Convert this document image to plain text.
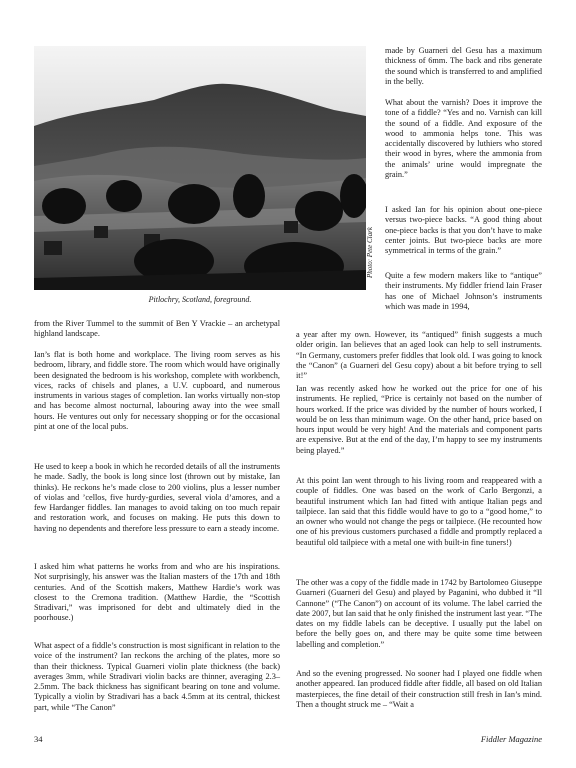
Photo: Pete Clark
Pitlochry, Scotland, foreground.

made by Guarneri del Gesu has a maximum thickness of 6mm. The back and ribs generate the sound which is transferred to and amplified in the belly.

What about the varnish? Does it improve the tone of a fiddle? “Yes and no. Varnish can kill the sound of a fiddle. And exposure of the wood to ammonia helps tone. This was accidentally discovered by luthiers who stored their wood in byres, where the ammonia from the animals’ urine would impregnate the grain.”

I asked Ian for his opinion about one-piece versus two-piece backs. “A good thing about one-piece backs is that you don’t have to make center joints. But two-piece backs are more symmetrical in terms of the grain.”

Quite a few modern makers like to “antique” their instruments. My fiddler friend Iain Fraser has one of Michael Johnson’s instruments which was made in 1994,

from the River Tummel to the summit of Ben Y Vrackie – an archetypal highland landscape.

Ian’s flat is both home and workplace. The living room serves as his bedroom, library, and fiddle store. The room which would have originally been designated the bedroom is his workshop, complete with workbench, vices, racks of chisels and planes, a U.V. cupboard, and numerous instruments in various stages of completion. Ian works virtually non-stop and has become almost nocturnal, labouring away into the wee small hours. He ventures out only for necessary shopping or for the occasional pint at one of the local pubs.

He used to keep a book in which he recorded details of all the instruments he made. Sadly, the book is long since lost (thrown out by mistake, Ian thinks). He reckons he’s made close to 200 violins, plus a lesser number of violas and ’cellos, five hurdy-gurdies, several viola d’amores, and a few Hardanger fiddles. Ian manages to avoid taking on too much repair and restoration work, and focuses on making. He puts this down to having no dependents and therefore less pressure to earn a steady income.

I asked him what patterns he works from and who are his inspirations. Not surprisingly, his answer was the Italian masters of the 17th and 18th centuries. And of the Scottish makers, Matthew Hardie’s work was closest to the Cremona tradition. (Matthew Hardie, the “Scottish Stradivari,” was imprisoned for debt and ultimately died in the poorhouse.)

What aspect of a fiddle’s construction is most significant in relation to the voice of the instrument? Ian reckons the arching of the plates, more so than their thickness. Typical Guarneri violin plate thickness (the back) averages 3mm, while Stradivari violin backs are thinner, averaging 2.3–2.5mm. The back thickness has significant bearing on tone and volume. Typically a violin by Stradivari has a back 4.5mm at its central, thickest part, while “The Canon”

a year after my own. However, its “antiqued” finish suggests a much older origin. Ian believes that an aged look can help to sell instruments. “In Germany, customers prefer fiddles that look old. I was going to knock the “Canon” (a Guarneri del Gesu copy) about a bit before trying to sell it!”

Ian was recently asked how he worked out the price for one of his instruments. He replied, “Price is certainly not based on the number of hours worked. If the price was divided by the number of hours worked, I would be on less than minimum wage. On the other hand, price based on hours input would be very high! And the materials and component parts are expensive. But at the end of the day, I’m happy to see my instruments being played.”

At this point Ian went through to his living room and reappeared with a couple of fiddles. One was based on the work of Carlo Bergonzi, a beautiful instrument which Ian had fitted with antique Italian pegs and tailpiece. Ian said that this fiddle would have to go to a “good home,” to an owner who would not change the pegs or tailpiece. (He recounted how one of his previous customers purchased a fiddle and promptly replaced a beautiful old tailpiece with a metal one with built-in fine tuners!)

The other was a copy of the fiddle made in 1742 by Bartolomeo Giuseppe Guarneri (Guarneri del Gesu) and played by Paganini, who dubbed it “Il Cannone” (“The Canon”) on account of its volume. The label carried the date 2007, but Ian said that he only finished the instrument last year. “The dates on my fiddle labels can be deceptive. I usually put the label on before the belly goes on, and there may be quite some time between labelling and completion.”

And so the evening progressed. No sooner had I played one fiddle when another appeared. Ian produced fiddle after fiddle, all based on old Italian masterpieces, the fine detail of their construction still fresh in Ian’s mind. Then a thought struck me – “Wait a

34	Fiddler Magazine
